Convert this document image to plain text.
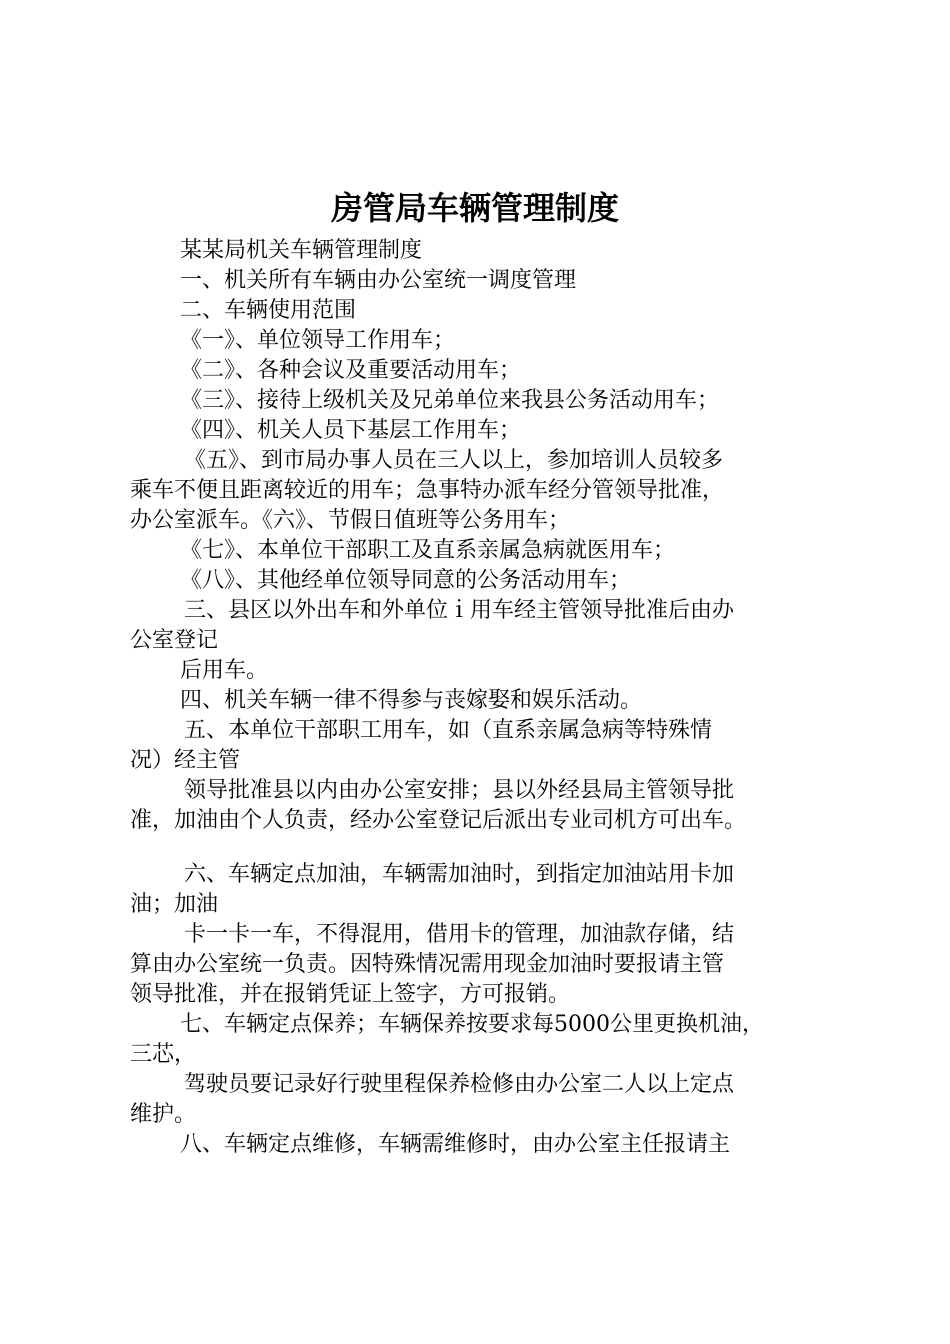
房管局车辆管理制度

某某局机关车辆管理制度

一、机关所有车辆由办公室统一调度管理

二、车辆使用范围

《一》、单位领导工作用车；

《二》、各种会议及重要活动用车；

《三》、接待上级机关及兄弟单位来我县公务活动用车；

《四》、机关人员下基层工作用车；

《五》、到市局办事人员在三人以上，参加培训人员较多

乘车不便且距离较近的用车；急事特办派车经分管领导批准，

办公室派车。《六》、节假日值班等公务用车；

《七》、本单位干部职工及直系亲属急病就医用车；

《八》、其他经单位领导同意的公务活动用车；

三、县区以外出车和外单位ｉ用车经主管领导批准后由办

公室登记

后用车。

四、机关车辆一律不得参与丧嫁娶和娱乐活动。

五、本单位干部职工用车，如（直系亲属急病等特殊情

况）经主管

领导批准县以内由办公室安排；县以外经县局主管领导批

准，加油由个人负责，经办公室登记后派出专业司机方可出车。

六、车辆定点加油，车辆需加油时，到指定加油站用卡加

油；加油

卡一卡一车，不得混用，借用卡的管理，加油款存储，结

算由办公室统一负责。因特殊情况需用现金加油时要报请主管

领导批准，并在报销凭证上签字，方可报销。

七、车辆定点保养；车辆保养按要求每5000公里更换机油，

三芯，

驾驶员要记录好行驶里程保养检修由办公室二人以上定点

维护。

八、车辆定点维修，车辆需维修时，由办公室主任报请主
